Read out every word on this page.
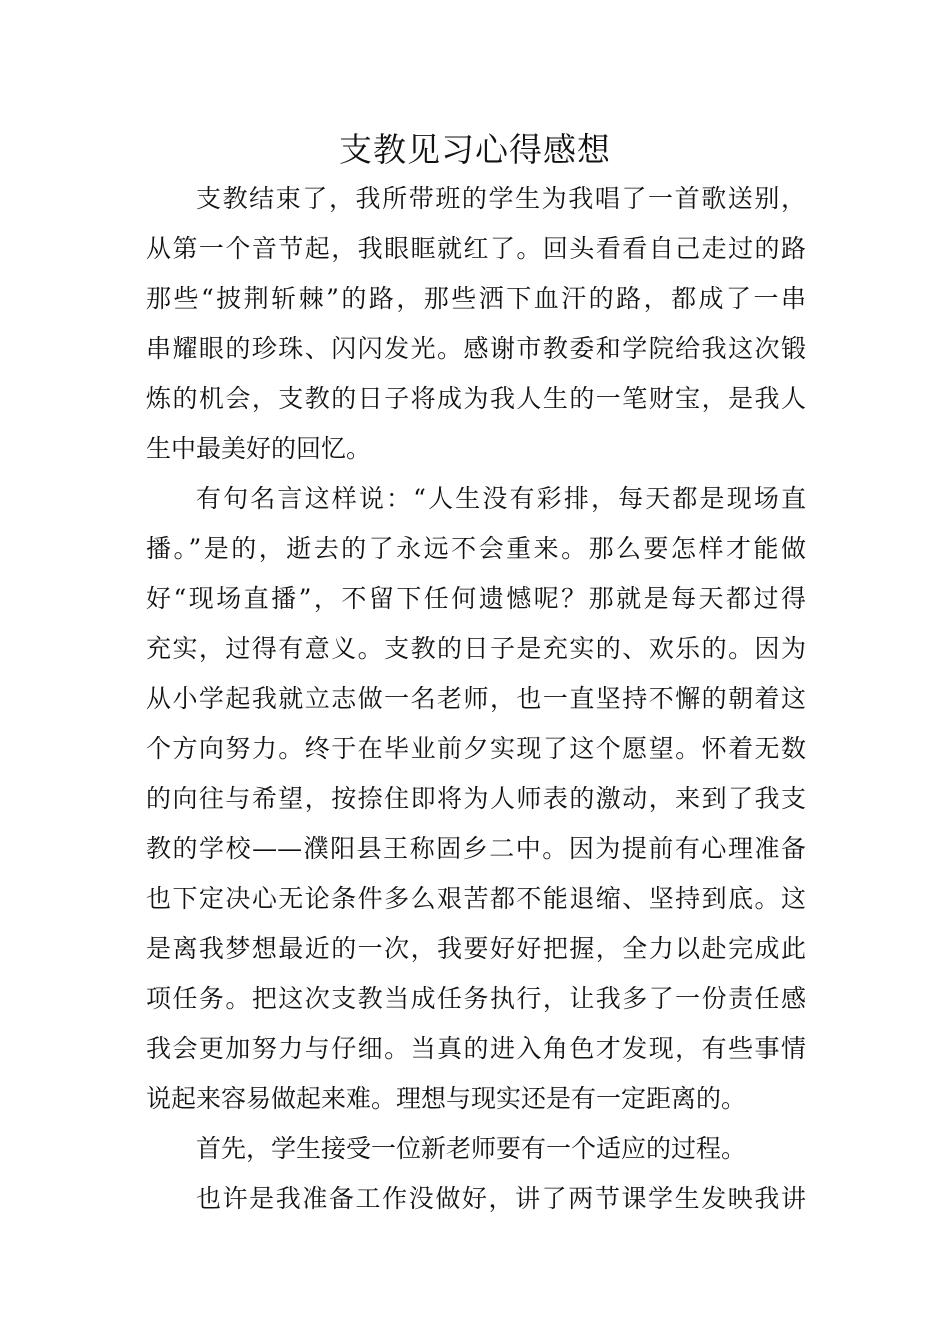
支教见习心得感想
支教结束了，我所带班的学生为我唱了一首歌送别，
从第一个音节起，我眼眶就红了。回头看看自己走过的路
那些“披荆斩棘”的路，那些洒下血汗的路，都成了一串
串耀眼的珍珠、闪闪发光。感谢市教委和学院给我这次锻
炼的机会，支教的日子将成为我人生的一笔财宝，是我人
生中最美好的回忆。
有句名言这样说：“人生没有彩排，每天都是现场直
播。”是的，逝去的了永远不会重来。那么要怎样才能做
好“现场直播”，不留下任何遗憾呢？那就是每天都过得
充实，过得有意义。支教的日子是充实的、欢乐的。因为
从小学起我就立志做一名老师，也一直坚持不懈的朝着这
个方向努力。终于在毕业前夕实现了这个愿望。怀着无数
的向往与希望，按捺住即将为人师表的激动，来到了我支
教的学校——濮阳县王称固乡二中。因为提前有心理准备
也下定决心无论条件多么艰苦都不能退缩、坚持到底。这
是离我梦想最近的一次，我要好好把握，全力以赴完成此
项任务。把这次支教当成任务执行，让我多了一份责任感
我会更加努力与仔细。当真的进入角色才发现，有些事情
说起来容易做起来难。理想与现实还是有一定距离的。
首先，学生接受一位新老师要有一个适应的过程。
也许是我准备工作没做好，讲了两节课学生发映我讲
